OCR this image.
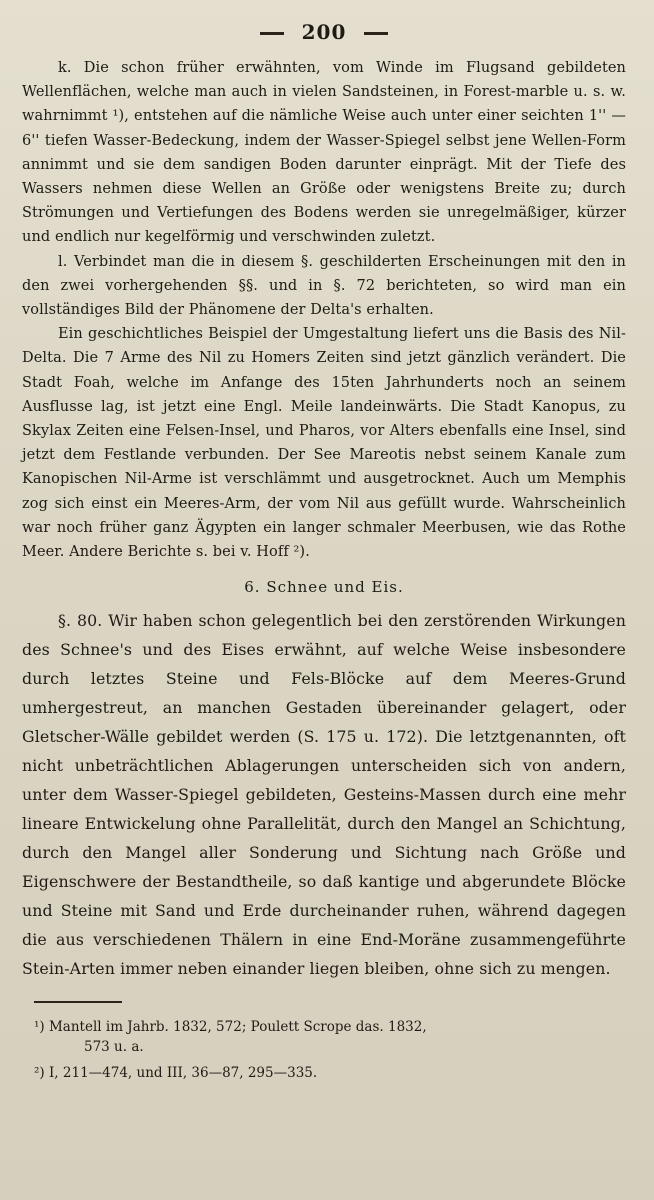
200

k. Die schon früher erwähnten, vom Winde im Flugsand gebildeten Wellenflächen, welche man auch in vielen Sandsteinen, in Forest-marble u. s. w. wahrnimmt ¹), entstehen auf die nämliche Weise auch unter einer seichten 1'' — 6'' tiefen Wasser-Bedeckung, indem der Wasser-Spiegel selbst jene Wellen-Form annimmt und sie dem sandigen Boden darunter einprägt. Mit der Tiefe des Wassers nehmen diese Wellen an Größe oder wenigstens Breite zu; durch Strömungen und Vertiefungen des Bodens werden sie unregelmäßiger, kürzer und endlich nur kegelförmig und verschwinden zuletzt.

l. Verbindet man die in diesem §. geschilderten Erscheinungen mit den in den zwei vorhergehenden §§. und in §. 72 berichteten, so wird man ein vollständiges Bild der Phänomene der Delta's erhalten.

Ein geschichtliches Beispiel der Umgestaltung liefert uns die Basis des Nil-Delta. Die 7 Arme des Nil zu Homers Zeiten sind jetzt gänzlich verändert. Die Stadt Foah, welche im Anfange des 15ten Jahrhunderts noch an seinem Ausflusse lag, ist jetzt eine Engl. Meile landeinwärts. Die Stadt Kanopus, zu Skylax Zeiten eine Felsen-Insel, und Pharos, vor Alters ebenfalls eine Insel, sind jetzt dem Festlande verbunden. Der See Mareotis nebst seinem Kanale zum Kanopischen Nil-Arme ist verschlämmt und ausgetrocknet. Auch um Memphis zog sich einst ein Meeres-Arm, der vom Nil aus gefüllt wurde. Wahrscheinlich war noch früher ganz Ägypten ein langer schmaler Meerbusen, wie das Rothe Meer. Andere Berichte s. bei v. Hoff ²).

6. Schnee und Eis.

§. 80. Wir haben schon gelegentlich bei den zerstörenden Wirkungen des Schnee's und des Eises erwähnt, auf welche Weise insbesondere durch letztes Steine und Fels-Blöcke auf dem Meeres-Grund umhergestreut, an manchen Gestaden übereinander gelagert, oder Gletscher-Wälle gebildet werden (S. 175 u. 172). Die letztgenannten, oft nicht unbeträchtlichen Ablagerungen unterscheiden sich von andern, unter dem Wasser-Spiegel gebildeten, Gesteins-Massen durch eine mehr lineare Entwickelung ohne Parallelität, durch den Mangel an Schichtung, durch den Mangel aller Sonderung und Sichtung nach Größe und Eigenschwere der Bestandtheile, so daß kantige und abgerundete Blöcke und Steine mit Sand und Erde durcheinander ruhen, während dagegen die aus verschiedenen Thälern in eine End-Moräne zusammengeführte Stein-Arten immer neben einander liegen bleiben, ohne sich zu mengen.

¹) Mantell im Jahrb. 1832, 572; Poulett Scrope das. 1832,
573 u. a.
²) I, 211—474, und III, 36—87, 295—335.
